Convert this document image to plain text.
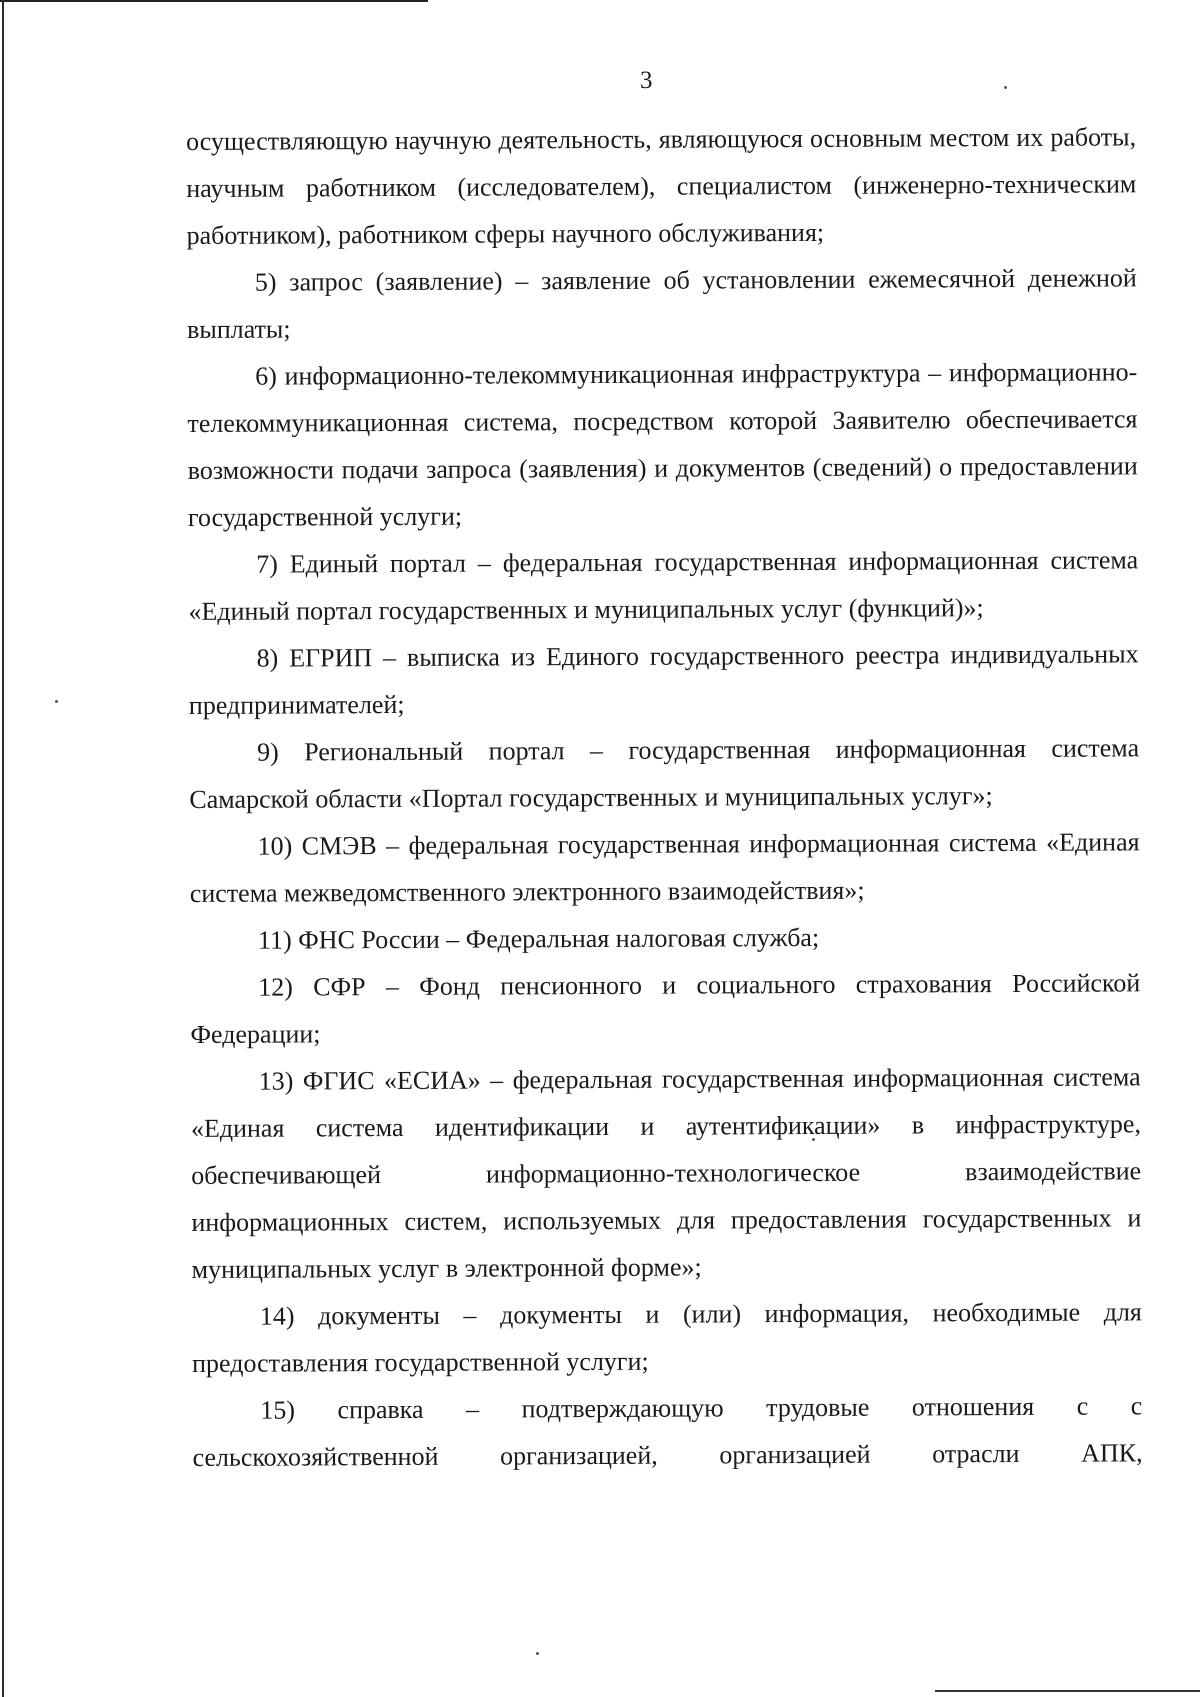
3

осуществляющую научную деятельность, являющуюся основным местом их работы, научным работником (исследователем), специалистом (инженерно-техническим работником), работником сферы научного обслуживания;

5) запрос (заявление) – заявление об установлении ежемесячной денежной выплаты;

6) информационно-телекоммуникационная инфраструктура – информационно-телекоммуникационная система, посредством которой Заявителю обеспечивается возможности подачи запроса (заявления) и документов (сведений) о предоставлении государственной услуги;

7) Единый портал – федеральная государственная информационная система «Единый портал государственных и муниципальных услуг (функций)»;

8) ЕГРИП – выписка из Единого государственного реестра индивидуальных предпринимателей;

9) Региональный портал – государственная информационная система Самарской области «Портал государственных и муниципальных услуг»;

10) СМЭВ – федеральная государственная информационная система «Единая система межведомственного электронного взаимодействия»;

11) ФНС России – Федеральная налоговая служба;

12) СФР – Фонд пенсионного и социального страхования Российской Федерации;

13) ФГИС «ЕСИА» – федеральная государственная информационная система «Единая система идентификации и аутентификации» в инфраструктуре, обеспечивающей информационно-технологическое взаимодействие информационных систем, используемых для предоставления государственных и муниципальных услуг в электронной форме»;

14) документы – документы и (или) информация, необходимые для предоставления государственной услуги;

15) справка – подтверждающую трудовые отношения с с сельскохозяйственной организацией, организацией отрасли АПК,
